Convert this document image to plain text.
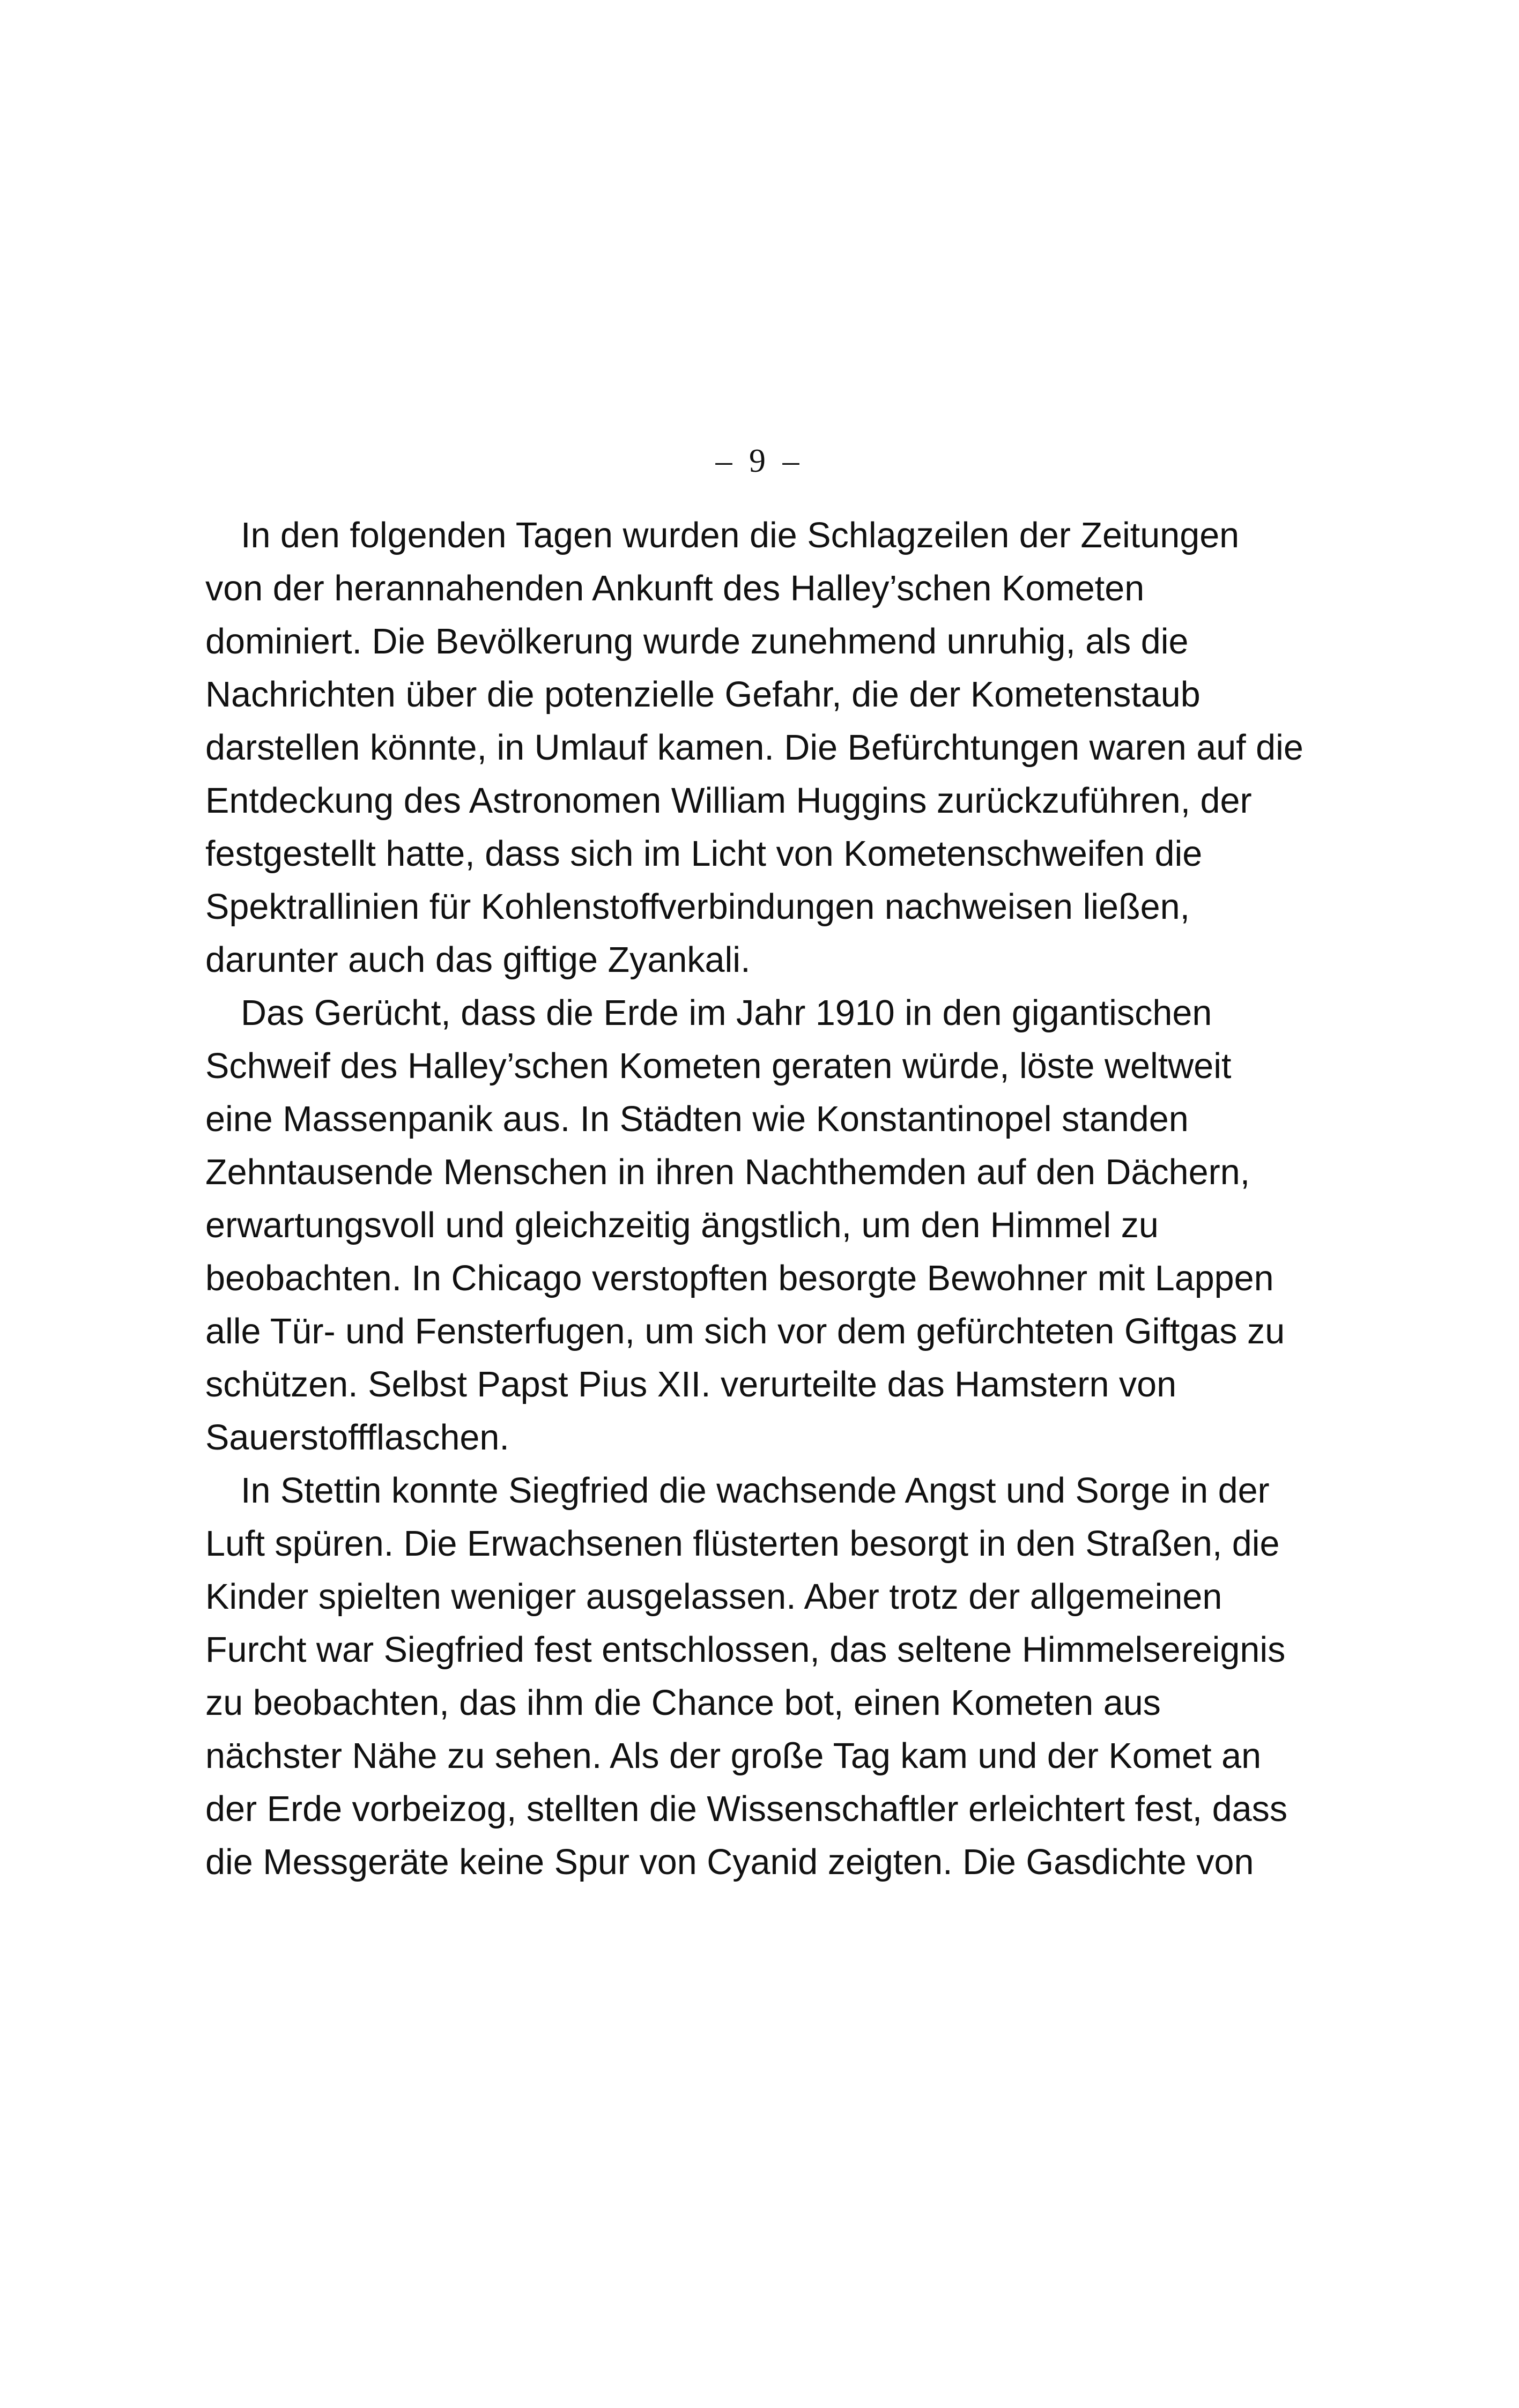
– 9 –
In den folgenden Tagen wurden die Schlagzeilen der Zeitungen
von der herannahenden Ankunft des Halley’schen Kometen
dominiert. Die Bevölkerung wurde zunehmend unruhig, als die
Nachrichten über die potenzielle Gefahr, die der Kometenstaub
darstellen könnte, in Umlauf kamen. Die Befürchtungen waren auf die
Entdeckung des Astronomen William Huggins zurückzuführen, der
festgestellt hatte, dass sich im Licht von Kometenschweifen die
Spektrallinien für Kohlenstoffverbindungen nachweisen ließen,
darunter auch das giftige Zyankali.
Das Gerücht, dass die Erde im Jahr 1910 in den gigantischen
Schweif des Halley’schen Kometen geraten würde, löste weltweit
eine Massenpanik aus. In Städten wie Konstantinopel standen
Zehntausende Menschen in ihren Nachthemden auf den Dächern,
erwartungsvoll und gleichzeitig ängstlich, um den Himmel zu
beobachten. In Chicago verstopften besorgte Bewohner mit Lappen
alle Tür- und Fensterfugen, um sich vor dem gefürchteten Giftgas zu
schützen. Selbst Papst Pius XII. verurteilte das Hamstern von
Sauerstoffflaschen.
In Stettin konnte Siegfried die wachsende Angst und Sorge in der
Luft spüren. Die Erwachsenen flüsterten besorgt in den Straßen, die
Kinder spielten weniger ausgelassen. Aber trotz der allgemeinen
Furcht war Siegfried fest entschlossen, das seltene Himmelsereignis
zu beobachten, das ihm die Chance bot, einen Kometen aus
nächster Nähe zu sehen. Als der große Tag kam und der Komet an
der Erde vorbeizog, stellten die Wissenschaftler erleichtert fest, dass
die Messgeräte keine Spur von Cyanid zeigten. Die Gasdichte von
